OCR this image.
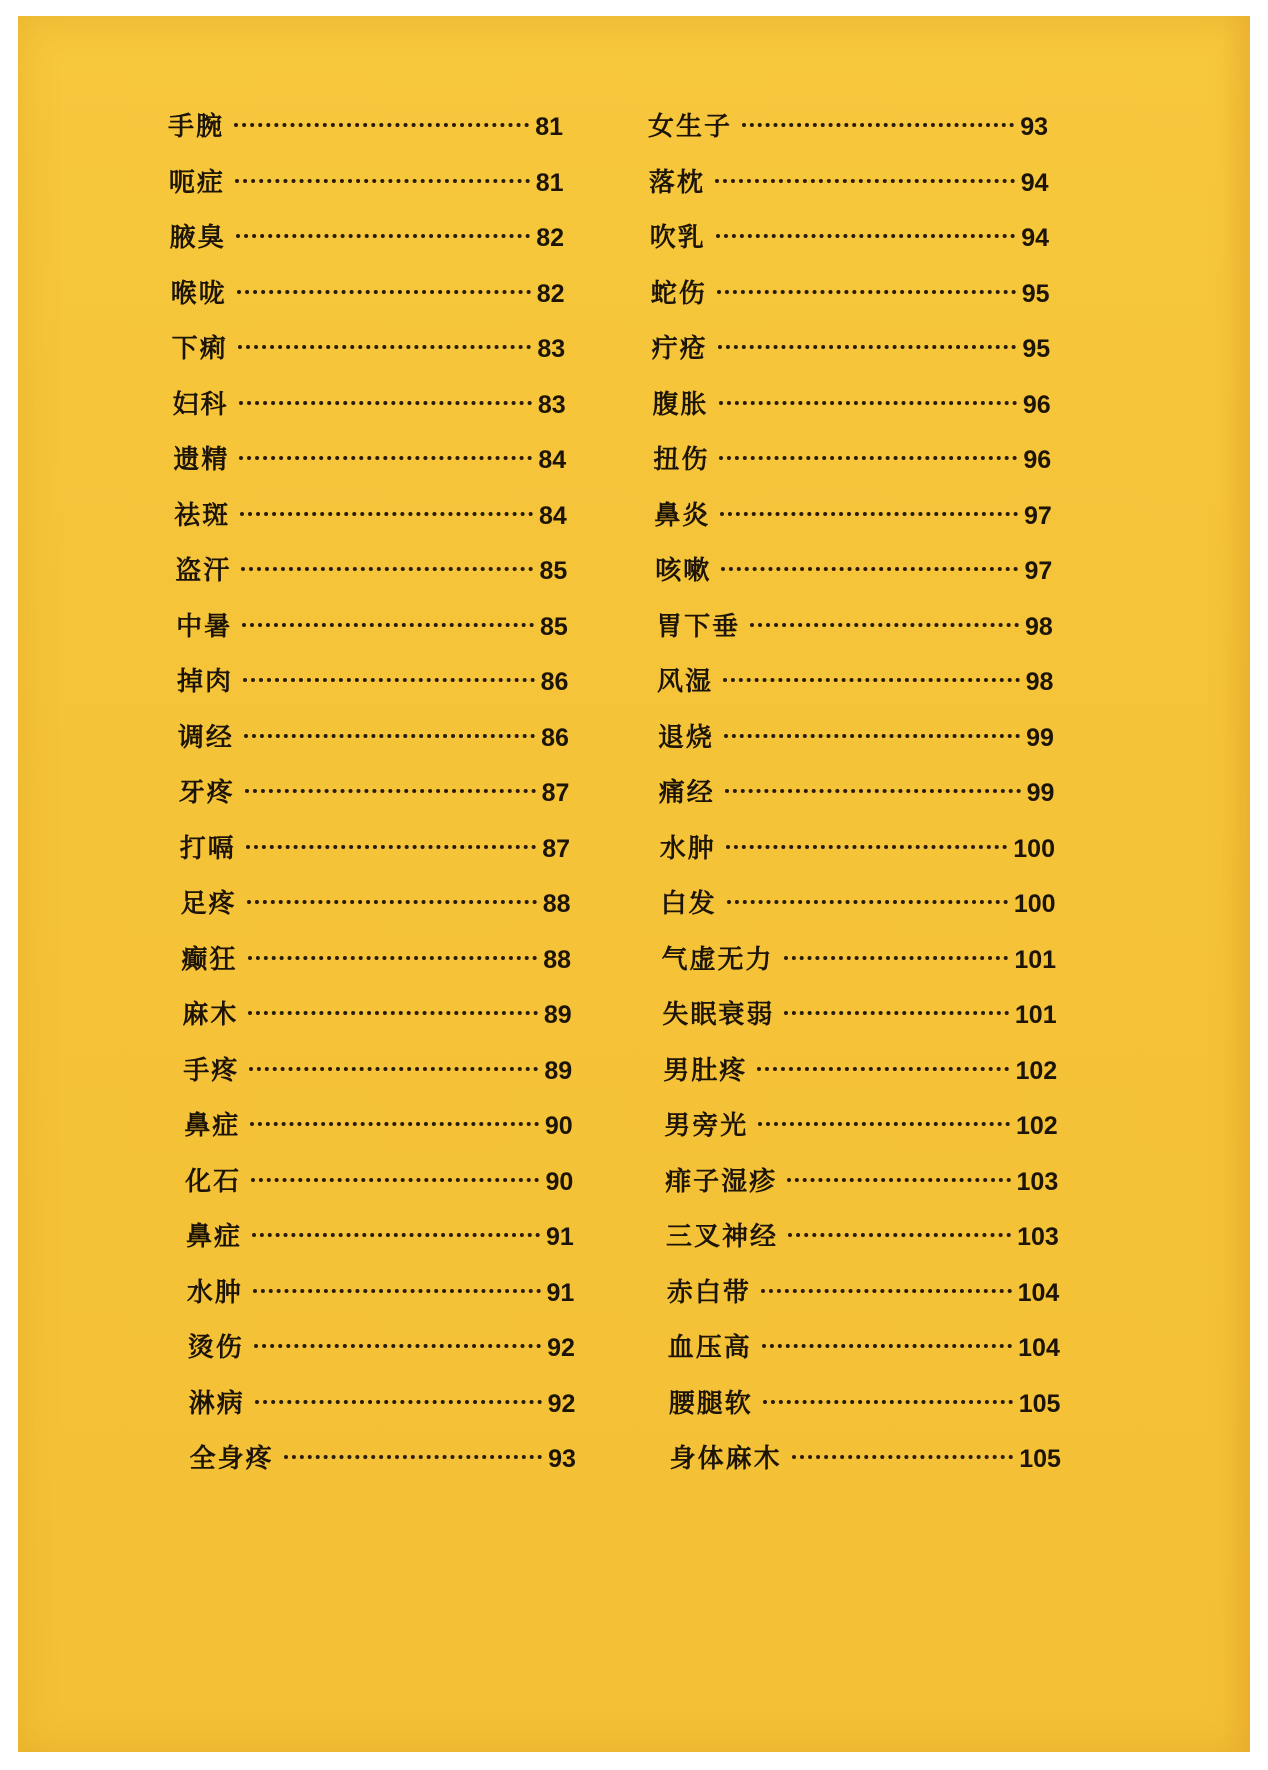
手腕	81
呃症	81
腋臭	82
喉咙	82
下痢	83
妇科	83
遗精	84
祛斑	84
盗汗	85
中暑	85
掉肉	86
调经	86
牙疼	87
打嗝	87
足疼	88
癫狂	88
麻木	89
手疼	89
鼻症	90
化石	90
鼻症	91
水肿	91
烫伤	92
淋病	92
全身疼	93
女生子	93
落枕	94
吹乳	94
蛇伤	95
疔疮	95
腹胀	96
扭伤	96
鼻炎	97
咳嗽	97
胃下垂	98
风湿	98
退烧	99
痛经	99
水肿	100
白发	100
气虚无力	101
失眠衰弱	101
男肚疼	102
男旁光	102
痱子湿疹	103
三叉神经	103
赤白带	104
血压高	104
腰腿软	105
身体麻木	105
